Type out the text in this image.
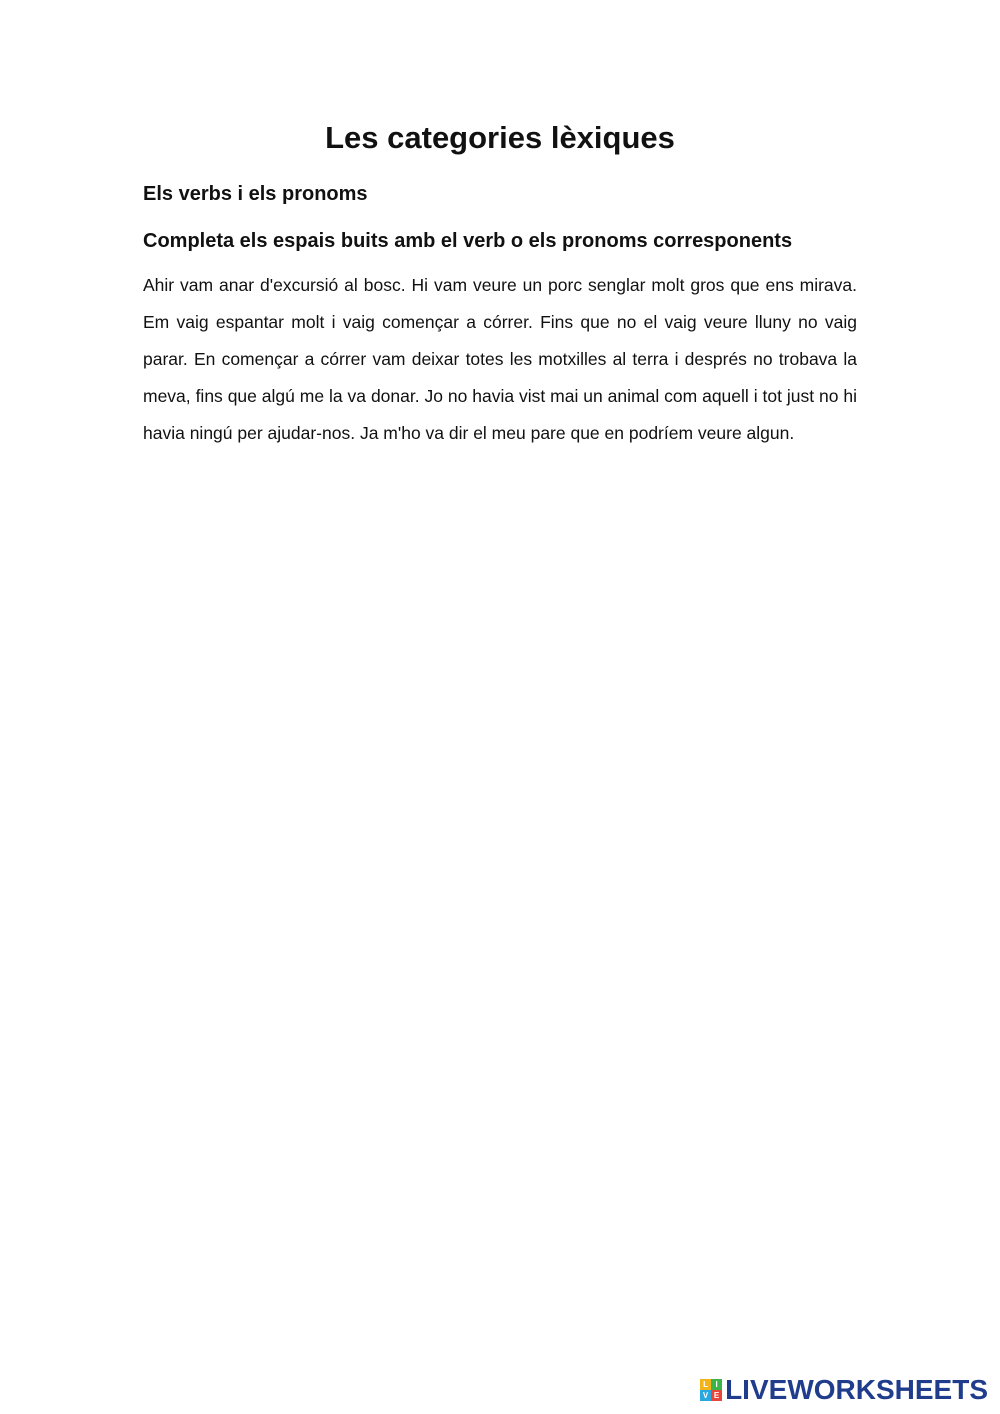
Les categories lèxiques
Els verbs i els pronoms
Completa els espais buits amb el verb o els pronoms corresponents

Ahir vam anar d'excursió al bosc. Hi vam veure un porc senglar molt gros que ens mirava. Em vaig espantar molt i vaig començar a córrer. Fins que no el vaig veure lluny no vaig parar. En començar a córrer vam deixar totes les motxilles al terra i després no trobava la meva, fins que algú me la va donar. Jo no havia vist mai un animal com aquell i tot just no hi havia ningú per ajudar-nos. Ja m'ho va dir el meu pare que en podríem veure algun.

L I
V E LIVEWORKSHEETS
